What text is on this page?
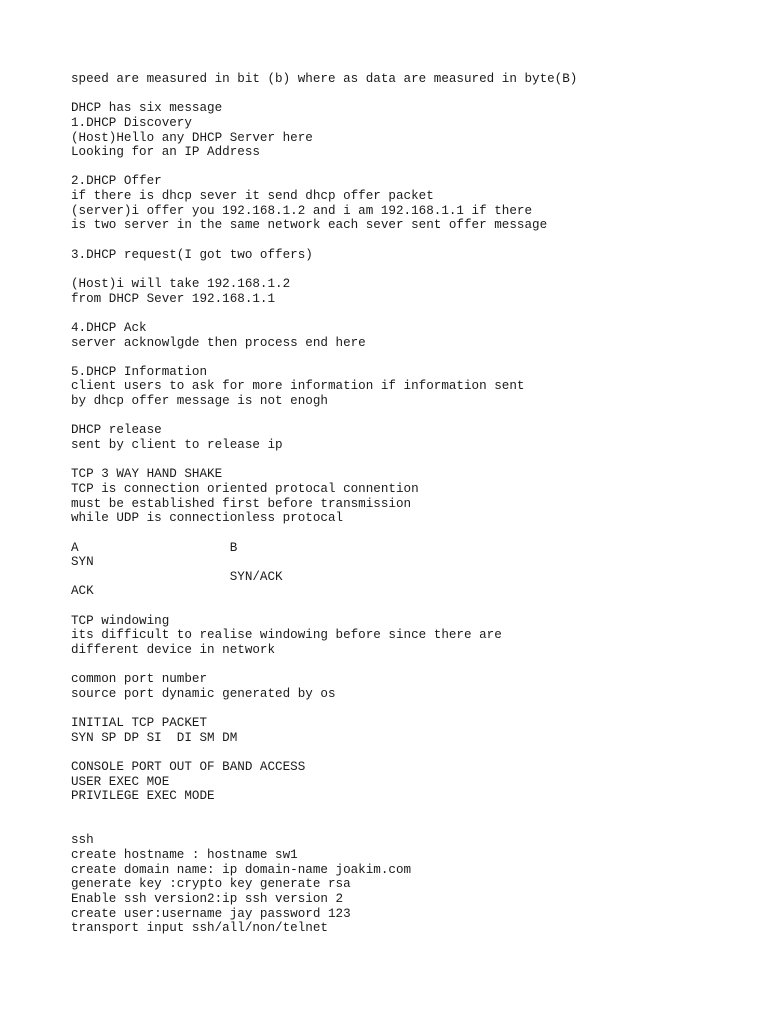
speed are measured in bit (b) where as data are measured in byte(B)
DHCP has six message
1.DHCP Discovery
(Host)Hello any DHCP Server here
Looking for an IP Address
2.DHCP Offer
if there is dhcp sever it send dhcp offer packet
(server)i offer you 192.168.1.2 and i am 192.168.1.1 if there
is two server in the same network each sever sent offer message
3.DHCP request(I got two offers)
(Host)i will take 192.168.1.2
from DHCP Sever 192.168.1.1
4.DHCP Ack
server acknowlgde then process end here
5.DHCP Information
client users to ask for more information if information sent
by dhcp offer message is not enogh
DHCP release
sent by client to release ip
TCP 3 WAY HAND SHAKE
TCP is connection oriented protocal connention
must be established first before transmission
while UDP is connectionless protocal
A                    B
SYN
SYN/ACK
ACK
TCP windowing
its difficult to realise windowing before since there are
different device in network
common port number
source port dynamic generated by os
INITIAL TCP PACKET
SYN SP DP SI  DI SM DM
CONSOLE PORT OUT OF BAND ACCESS
USER EXEC MOE
PRIVILEGE EXEC MODE
ssh
create hostname : hostname sw1
create domain name: ip domain-name joakim.com
generate key :crypto key generate rsa
Enable ssh version2:ip ssh version 2
create user:username jay password 123
transport input ssh/all/non/telnet
